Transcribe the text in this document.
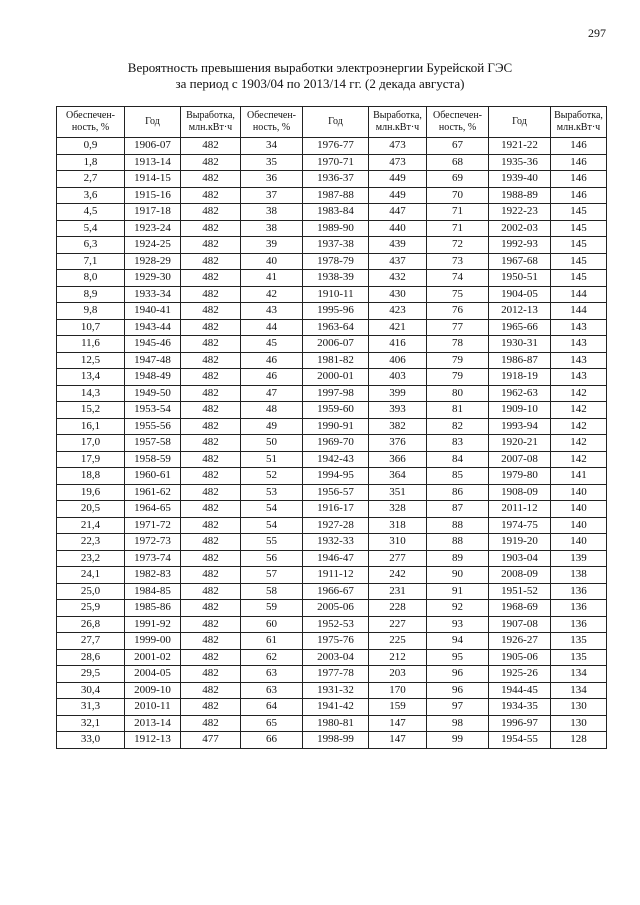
297
Вероятность превышения выработки электроэнергии Бурейской ГЭС
за период с 1903/04 по 2013/14 гг. (2 декада августа)
Обеспечен-ность, %	Год	Выработка, млн.кВт·ч	Обеспечен-ность, %	Год	Выработка, млн.кВт·ч	Обеспечен-ность, %	Год	Выработка, млн.кВт·ч
0,9	1906-07	482	34	1976-77	473	67	1921-22	146
1,8	1913-14	482	35	1970-71	473	68	1935-36	146
2,7	1914-15	482	36	1936-37	449	69	1939-40	146
3,6	1915-16	482	37	1987-88	449	70	1988-89	146
4,5	1917-18	482	38	1983-84	447	71	1922-23	145
5,4	1923-24	482	38	1989-90	440	71	2002-03	145
6,3	1924-25	482	39	1937-38	439	72	1992-93	145
7,1	1928-29	482	40	1978-79	437	73	1967-68	145
8,0	1929-30	482	41	1938-39	432	74	1950-51	145
8,9	1933-34	482	42	1910-11	430	75	1904-05	144
9,8	1940-41	482	43	1995-96	423	76	2012-13	144
10,7	1943-44	482	44	1963-64	421	77	1965-66	143
11,6	1945-46	482	45	2006-07	416	78	1930-31	143
12,5	1947-48	482	46	1981-82	406	79	1986-87	143
13,4	1948-49	482	46	2000-01	403	79	1918-19	143
14,3	1949-50	482	47	1997-98	399	80	1962-63	142
15,2	1953-54	482	48	1959-60	393	81	1909-10	142
16,1	1955-56	482	49	1990-91	382	82	1993-94	142
17,0	1957-58	482	50	1969-70	376	83	1920-21	142
17,9	1958-59	482	51	1942-43	366	84	2007-08	142
18,8	1960-61	482	52	1994-95	364	85	1979-80	141
19,6	1961-62	482	53	1956-57	351	86	1908-09	140
20,5	1964-65	482	54	1916-17	328	87	2011-12	140
21,4	1971-72	482	54	1927-28	318	88	1974-75	140
22,3	1972-73	482	55	1932-33	310	88	1919-20	140
23,2	1973-74	482	56	1946-47	277	89	1903-04	139
24,1	1982-83	482	57	1911-12	242	90	2008-09	138
25,0	1984-85	482	58	1966-67	231	91	1951-52	136
25,9	1985-86	482	59	2005-06	228	92	1968-69	136
26,8	1991-92	482	60	1952-53	227	93	1907-08	136
27,7	1999-00	482	61	1975-76	225	94	1926-27	135
28,6	2001-02	482	62	2003-04	212	95	1905-06	135
29,5	2004-05	482	63	1977-78	203	96	1925-26	134
30,4	2009-10	482	63	1931-32	170	96	1944-45	134
31,3	2010-11	482	64	1941-42	159	97	1934-35	130
32,1	2013-14	482	65	1980-81	147	98	1996-97	130
33,0	1912-13	477	66	1998-99	147	99	1954-55	128
